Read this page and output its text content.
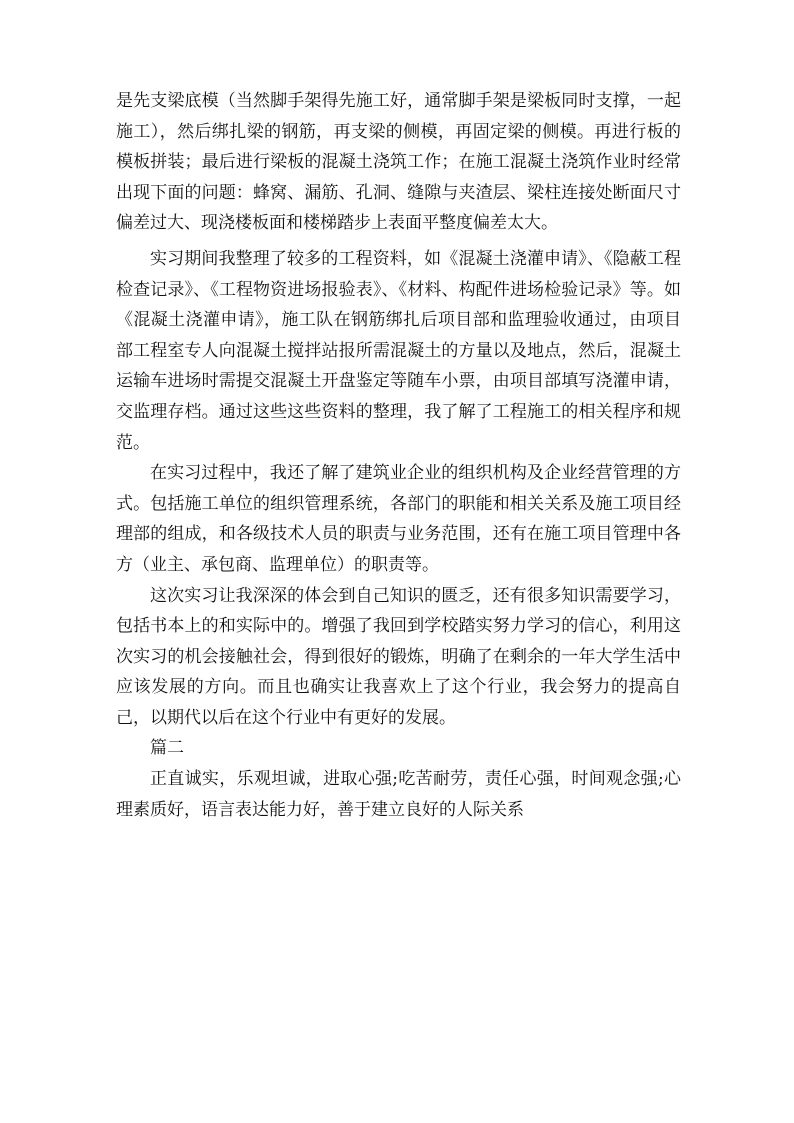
是先支梁底模（当然脚手架得先施工好，通常脚手架是梁板同时支撑，一起施工），然后绑扎梁的钢筋，再支梁的侧模，再固定梁的侧模。再进行板的模板拼装；最后进行梁板的混凝土浇筑工作；在施工混凝土浇筑作业时经常出现下面的问题：蜂窝、漏筋、孔洞、缝隙与夹渣层、梁柱连接处断面尺寸偏差过大、现浇楼板面和楼梯踏步上表面平整度偏差太大。

实习期间我整理了较多的工程资料，如《混凝土浇灌申请》、《隐蔽工程检查记录》、《工程物资进场报验表》、《材料、构配件进场检验记录》等。如《混凝土浇灌申请》，施工队在钢筋绑扎后项目部和监理验收通过，由项目部工程室专人向混凝土搅拌站报所需混凝土的方量以及地点，然后，混凝土运输车进场时需提交混凝土开盘鉴定等随车小票，由项目部填写浇灌申请，交监理存档。通过这些这些资料的整理，我了解了工程施工的相关程序和规范。

在实习过程中，我还了解了建筑业企业的组织机构及企业经营管理的方式。包括施工单位的组织管理系统，各部门的职能和相关关系及施工项目经理部的组成，和各级技术人员的职责与业务范围，还有在施工项目管理中各方（业主、承包商、监理单位）的职责等。

这次实习让我深深的体会到自己知识的匮乏，还有很多知识需要学习，包括书本上的和实际中的。增强了我回到学校踏实努力学习的信心，利用这次实习的机会接触社会，得到很好的锻炼，明确了在剩余的一年大学生活中应该发展的方向。而且也确实让我喜欢上了这个行业，我会努力的提高自己，以期代以后在这个行业中有更好的发展。

篇二

正直诚实，乐观坦诚，进取心强;吃苦耐劳，责任心强，时间观念强;心理素质好，语言表达能力好，善于建立良好的人际关系
